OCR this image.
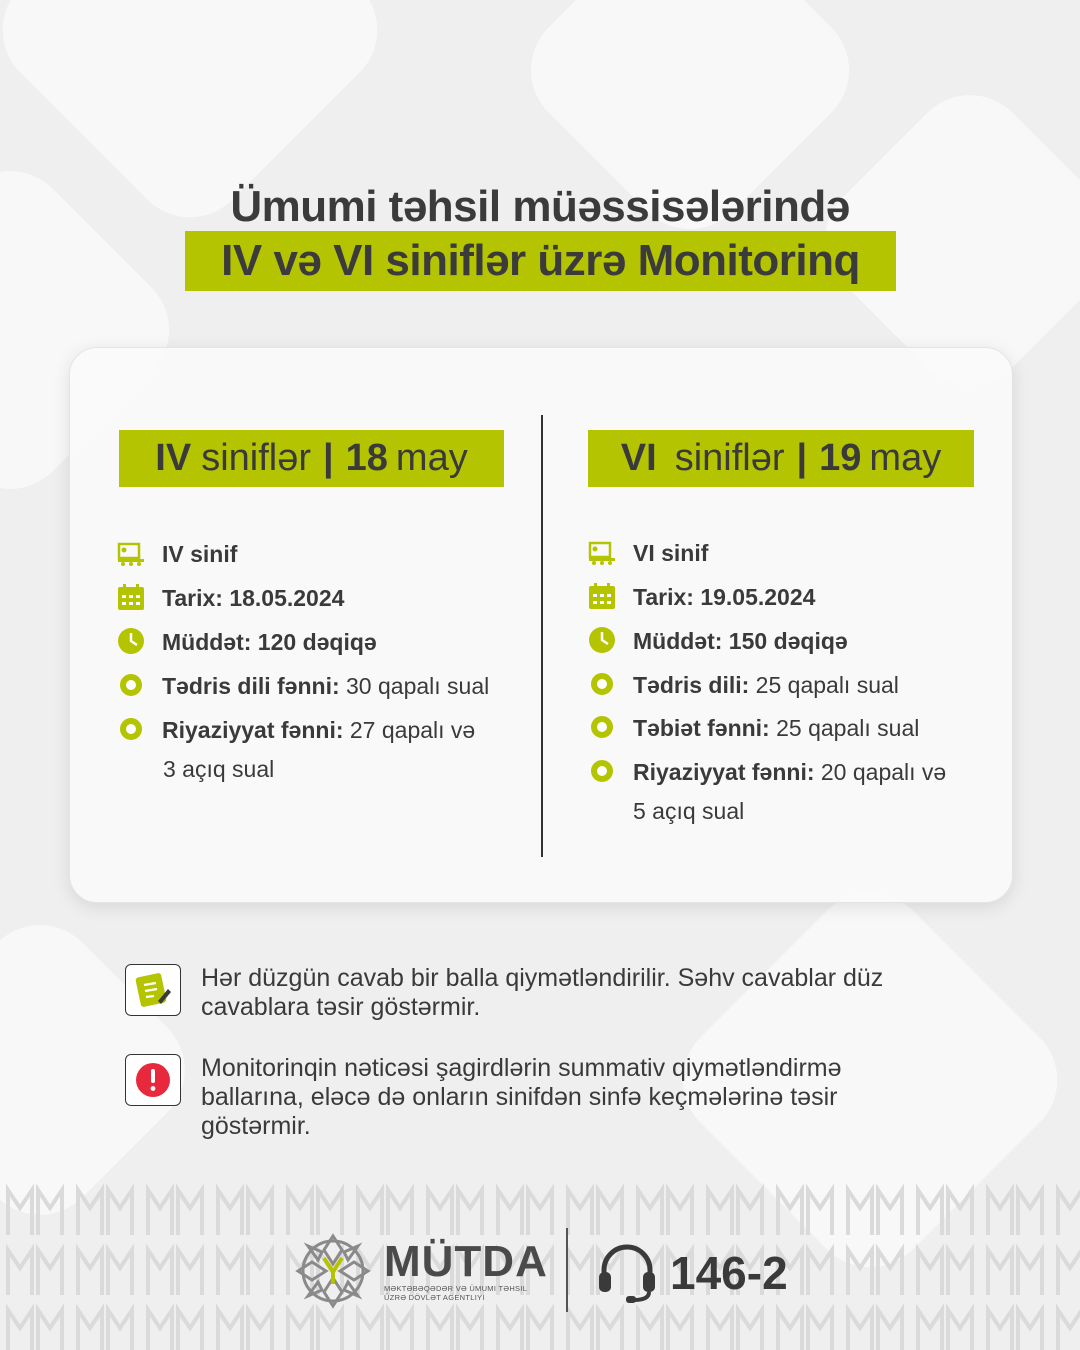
Ümumi təhsil müəssisələrində
IV və VI siniflər üzrə Monitorinq
IV siniflər | 18 may	VI siniflər | 19 may
IV sinif
Tarix: 18.05.2024
Müddət: 120 dəqiqə
Tədris dili fənni: 30 qapalı sual
Riyaziyyat fənni: 27 qapalı və
3 açıq sual
VI sinif
Tarix: 19.05.2024
Müddət: 150 dəqiqə
Tədris dili: 25 qapalı sual
Təbiət fənni: 25 qapalı sual
Riyaziyyat fənni: 20 qapalı və
5 açıq sual
Hər düzgün cavab bir balla qiymətləndirilir. Səhv cavablar düz
cavablara təsir göstərmir.
Monitorinqin nəticəsi şagirdlərin summativ qiymətləndirmə
ballarına, eləcə də onların sinifdən sinfə keçmələrinə təsir
göstərmir.
MÜTDA
MƏKTƏBƏQƏDƏR VƏ ÜMUMI TƏHSIL
ÜZRƏ DÖVLƏT AGENTLIYI	146-2
